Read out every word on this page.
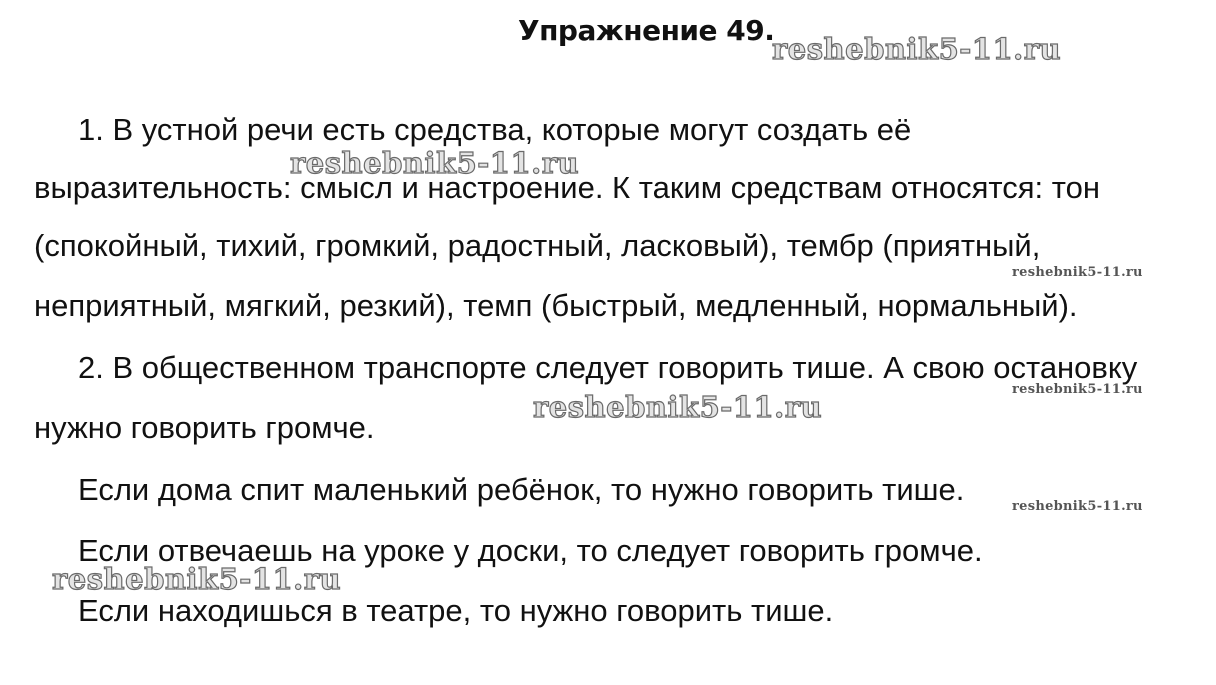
Упражнение 49.
1. В устной речи есть средства, которые могут создать её
выразительность: смысл и настроение. К таким средствам относятся: тон
(спокойный, тихий, громкий, радостный, ласковый), тембр (приятный,
неприятный, мягкий, резкий), темп (быстрый, медленный, нормальный).
2. В общественном транспорте следует говорить тише. А свою остановку
нужно говорить громче.
Если дома спит маленький ребёнок, то нужно говорить тише.
Если отвечаешь на уроке у доски, то следует говорить громче.
Если находишься в театре, то нужно говорить тише.
reshebnik5-11.ru
reshebnik5-11.ru
reshebnik5-11.ru
reshebnik5-11.ru
reshebnik5-11.ru
reshebnik5-11.ru
reshebnik5-11.ru
